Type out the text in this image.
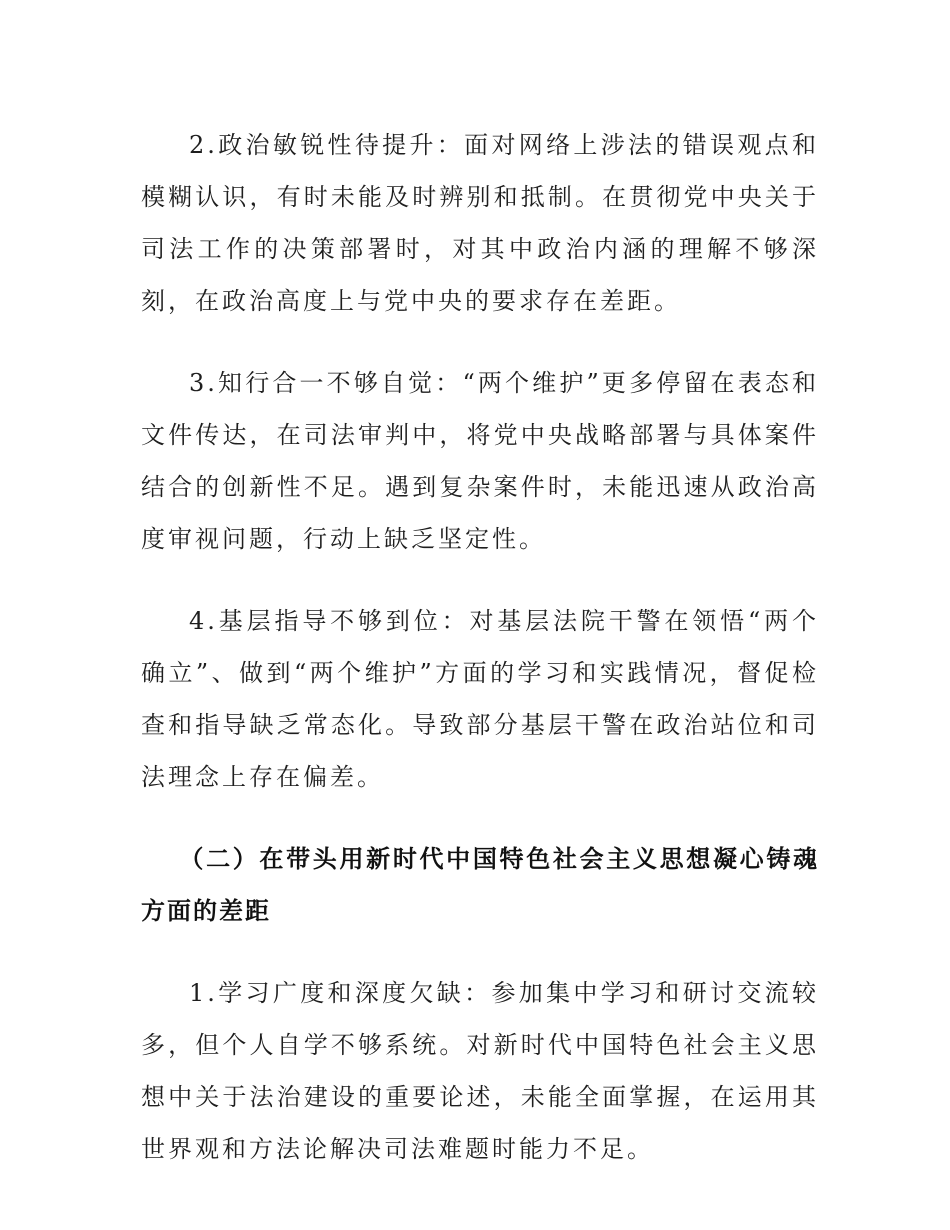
2.政治敏锐性待提升：面对网络上涉法的错误观点和模糊认识，有时未能及时辨别和抵制。在贯彻党中央关于司法工作的决策部署时，对其中政治内涵的理解不够深刻，在政治高度上与党中央的要求存在差距。

3.知行合一不够自觉：“两个维护”更多停留在表态和文件传达，在司法审判中，将党中央战略部署与具体案件结合的创新性不足。遇到复杂案件时，未能迅速从政治高度审视问题，行动上缺乏坚定性。

4.基层指导不够到位：对基层法院干警在领悟“两个确立”、做到“两个维护”方面的学习和实践情况，督促检查和指导缺乏常态化。导致部分基层干警在政治站位和司法理念上存在偏差。

（二）在带头用新时代中国特色社会主义思想凝心铸魂方面的差距

1.学习广度和深度欠缺：参加集中学习和研讨交流较多，但个人自学不够系统。对新时代中国特色社会主义思想中关于法治建设的重要论述，未能全面掌握，在运用其世界观和方法论解决司法难题时能力不足。
